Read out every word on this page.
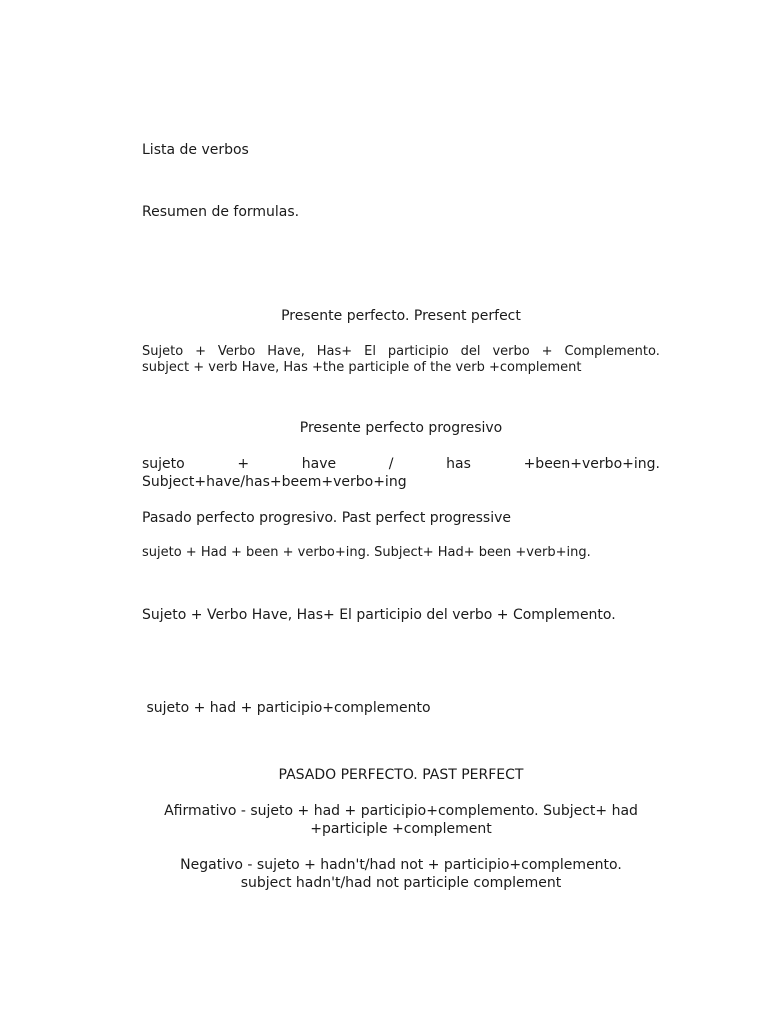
Lista de verbos

Resumen de formulas.

Presente perfecto. Present perfect

Sujeto + Verbo Have, Has+ El participio del verbo + Complemento.

subject + verb Have, Has +the participle of the verb +complement

Presente perfecto progresivo

sujeto	+	have	/	has	+been+verbo+ing.

Subject+have/has+beem+verbo+ing

Pasado perfecto progresivo. Past perfect progressive

sujeto + Had + been + verbo+ing. Subject+ Had+ been +verb+ing.

Sujeto + Verbo Have, Has+ El participio del verbo + Complemento.

sujeto + had + participio+complemento

PASADO PERFECTO. PAST PERFECT

Afirmativo - sujeto + had + participio+complemento. Subject+ had

+participle +complement

Negativo - sujeto + hadn't/had not + participio+complemento.

subject hadn't/had not participle complement
